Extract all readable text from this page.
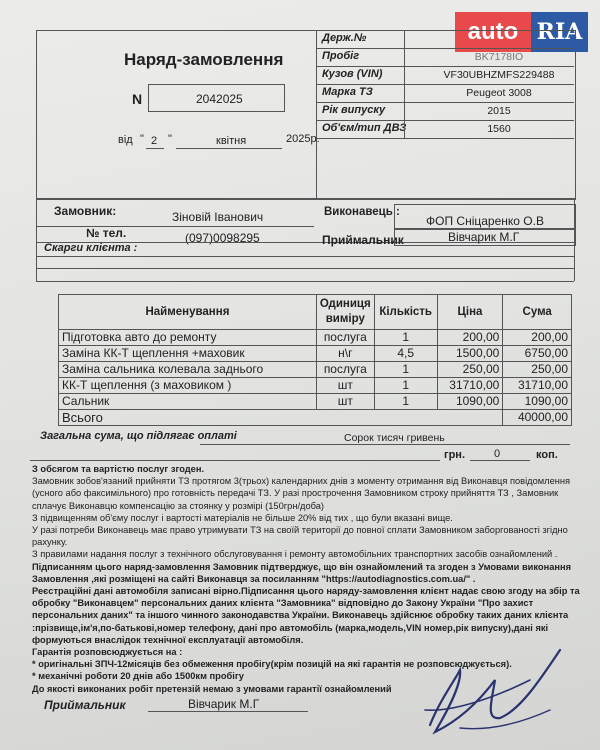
auto RIA
Наряд-замовлення
N	2042025
від " 2 "	квітня	2025р.
Держ.№
Пробіг	BK7178IO
Кузов (VIN)	VF30UBHZMFS229488
Марка ТЗ	Peugeot 3008
Рік випуску	2015
Об'єм/тип ДВЗ	1560
Замовник:	Зіновій Іванович	Виконавець :
ФОП Сніцаренко О.В
№ тел.	(097)0098295	Приймальник	Вівчарик М.Г
Скарги клієнта :
Найменування	Одиниця виміру	Кількість	Ціна	Сума
Підготовка авто до ремонту	послуга	1	200,00	200,00
Заміна КК-Т щеплення +маховик	н\г	4,5	1500,00	6750,00
Заміна сальника колевала заднього	послуга	1	250,00	250,00
КК-Т щеплення (з маховиком )	шт	1	31710,00	31710,00
Сальник	шт	1	1090,00	1090,00
Всього				40000,00
Загальна сума, що підлягає оплаті	Сорок тисяч гривень
грн.	0	коп.

З обсягом та вартістю послуг згоден.

Замовник зобов'язаний прийняти ТЗ протягом 3(трьох) календарних днів з моменту отримання від Виконавця повідомлення (усного або факсимільного) про готовність передачі ТЗ. У разі прострочення Замовником строку прийняття ТЗ , Замовник сплачує Виконавцю компенсацію за стоянку у розмірі (150грн/доба)

З підвищенням об'єму послуг і вартості матеріалів не більше 20% від тих , що були вказані вище.

У разі потреби Виконавець має право утримувати ТЗ на своїй території до повної сплати Замовником заборгованості згідно рахунку.

З правилами надання послуг з технічного обслуговування і ремонту автомобільних транспортних засобів ознайомлений .

Підписанням цього наряд-замовлення Замовник підтверджує, що він ознайомлений та згоден з Умовами виконання Замовлення ,які розміщені на сайті Виконавця за посиланням "https://autodiagnostics.com.ua/" .

Реєстраційні дані автомобіля записані вірно.Підписання цього наряду-замовлення клієнт надає свою згоду на збір та обробку "Виконавцем" персональних даних клієнта "Замовника" відповідно до Закону України "Про захист персональних даних" та іншого чинного законодавства України. Виконавець здійснює обробку таких даних клієнта :прізвище,ім'я,по-батькові,номер телефону, дані про автомобіль (марка,модель,VIN номер,рік випуску),дані які формуються внаслідок технічної експлуатації автомобіля.

Гарантія розповсюджується на :

* оригінальні ЗПЧ-12місяців без обмеження пробігу(крім позицій на які гарантія не розповсюджується).

* механічні роботи 20 днів або 1500км пробігу

До якості виконаних робіт претензій немаю з умовами гарантії ознайомлений

Приймальник	Вівчарик М.Г
